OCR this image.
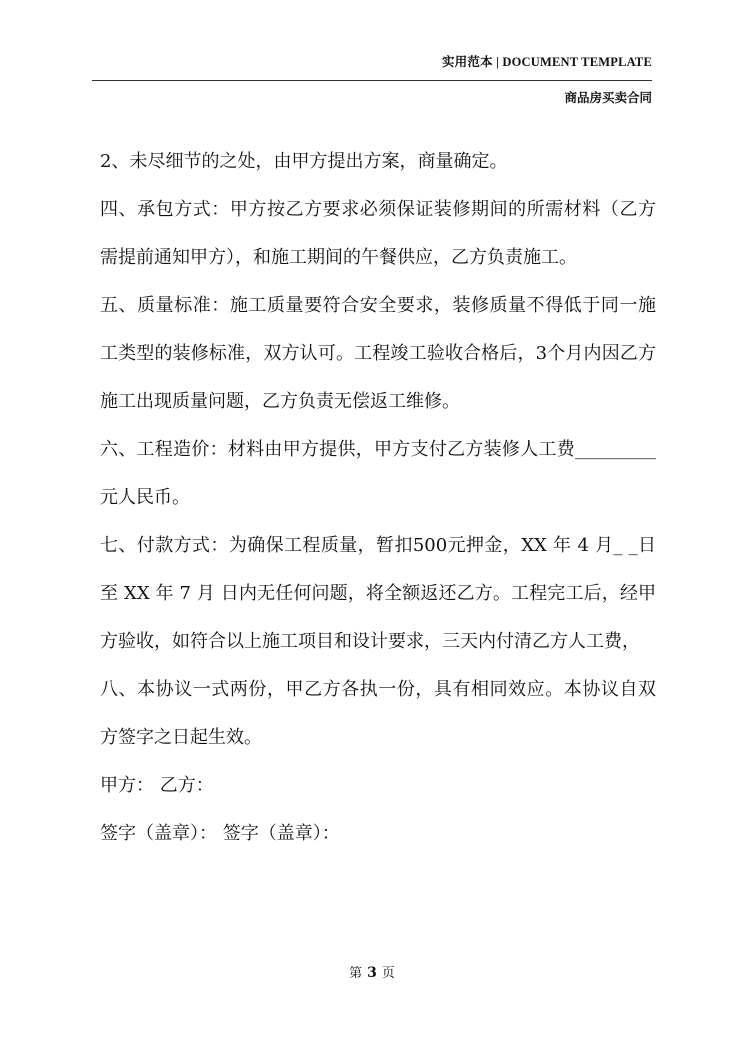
实用范本 | DOCUMENT TEMPLATE
商品房买卖合同

2、未尽细节的之处，由甲方提出方案，商量确定。

四、承包方式：甲方按乙方要求必须保证装修期间的所需材料（乙方需提前通知甲方），和施工期间的午餐供应，乙方负责施工。

五、质量标准：施工质量要符合安全要求，装修质量不得低于同一施工类型的装修标准，双方认可。工程竣工验收合格后，3个月内因乙方施工出现质量问题，乙方负责无偿返工维修。

六、工程造价：材料由甲方提供，甲方支付乙方装修人工费_________元人民币。

七、付款方式：为确保工程质量，暂扣500元押金，XX 年 4 月_ _日至 XX 年 7 月 日内无任何问题，将全额返还乙方。工程完工后，经甲方验收，如符合以上施工项目和设计要求，三天内付清乙方人工费，

八、本协议一式两份，甲乙方各执一份，具有相同效应。本协议自双方签字之日起生效。

甲方： 乙方：

签字（盖章）： 签字（盖章）：

第 3 页
